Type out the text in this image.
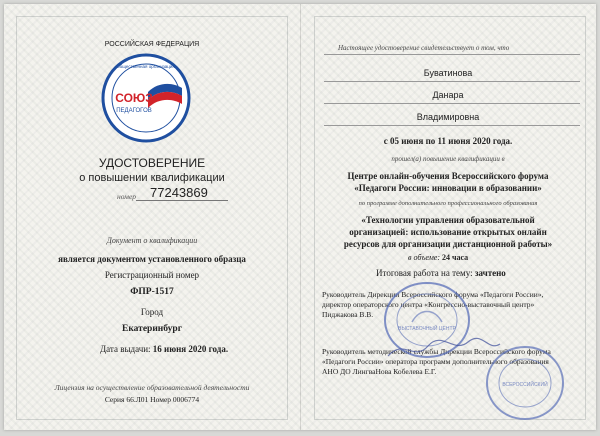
РОССИЙСКАЯ ФЕДЕРАЦИЯ
СОЮЗ
ПЕДАГОГОВ
общественная организация
УДОСТОВЕРЕНИЕ
о повышении квалификации
номер 77243869
Документ о квалификации
является документом установленного образца
Регистрационный номер
ФПР-1517
Город
Екатеринбург
Дата выдачи: 16 июня 2020 года.
Лицензия на осуществление образовательной деятельности
Серия 66.Л01 Номер 0006774
Настоящее удостоверение свидетельствует о том, что
Буватинова
Данара
Владимировна
с 05 июня по 11 июня 2020 года.
прошел(а) повышение квалификации в
Центре онлайн-обучения Всероссийского форума
«Педагоги России: инновации в образовании»
по программе дополнительного профессионального образования
«Технологии управления образовательной
организацией: использование открытых онлайн
ресурсов для организации дистанционной работы»
в объеме: 24 часа
Итоговая работа на тему: зачтено
Руководитель Дирекции Всероссийского форума «Педагоги России»,
директор операторского центра «Конгрессно-выставочный центр»
Пиджакова В.В.
Руководитель методической службы Дирекции Всероссийского форума
«Педагоги России» оператора программ дополнительного образования
АНО ДО ЛингваНова Кобелева Е.Г.
ВЫСТАВОЧНЫЙ ЦЕНТР
ВСЕРОССИЙСКИЙ
